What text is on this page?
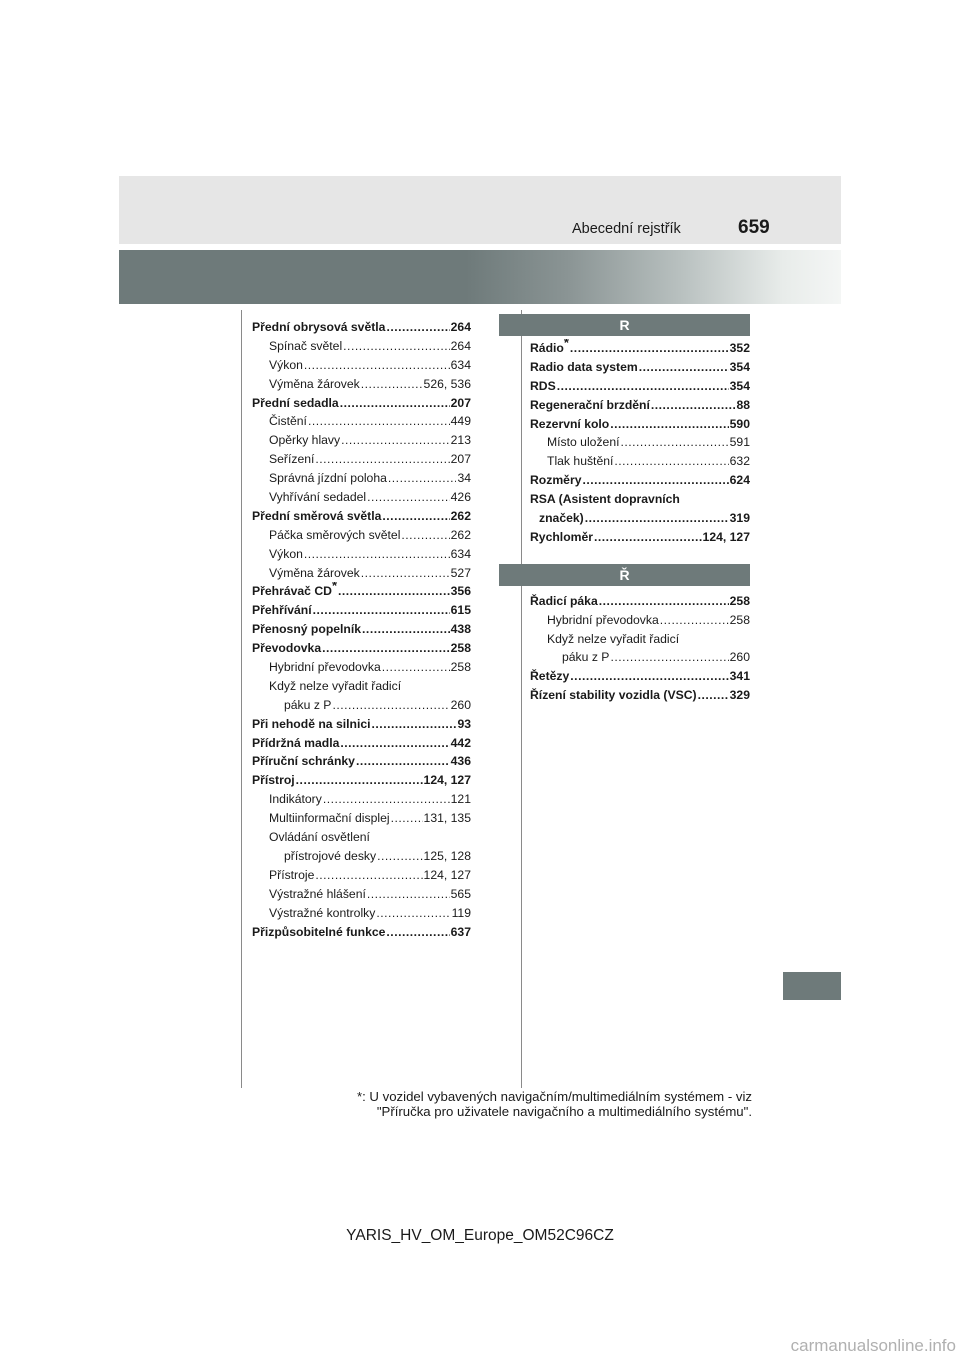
Abecední rejstřík	659
Přední obrysová světla .....	264
Spínač světel .....	264
Výkon .....	634
Výměna žárovek .....	526, 536
Přední sedadla .....	207
Čistění .....	449
Opěrky hlavy .....	213
Seřízení .....	207
Správná jízdní poloha .....	34
Vyhřívání sedadel .....	426
Přední směrová světla .....	262
Páčka směrových světel .....	262
Výkon .....	634
Výměna žárovek .....	527
Přehrávač CD* .....	356
Přehřívání .....	615
Přenosný popelník .....	438
Převodovka .....	258
Hybridní převodovka .....	258
Když nelze vyřadit řadicí
páku z P .....	260
Při nehodě na silnici .....	93
Přídržná madla .....	442
Příruční schránky .....	436
Přístroj .....	124, 127
Indikátory .....	121
Multiinformační displej .....	131, 135
Ovládání osvětlení
přístrojové desky .....	125, 128
Přístroje .....	124, 127
Výstražné hlášení .....	565
Výstražné kontrolky .....	119
Přizpůsobitelné funkce .....	637
R
Rádio* .....	352
Radio data system .....	354
RDS .....	354
Regenerační brzdění .....	88
Rezervní kolo .....	590
Místo uložení .....	591
Tlak huštění .....	632
Rozměry .....	624
RSA (Asistent dopravních
značek) .....	319
Rychloměr .....	124, 127
Ř
Řadicí páka .....	258
Hybridní převodovka .....	258
Když nelze vyřadit řadicí
páku z P .....	260
Řetězy .....	341
Řízení stability vozidla (VSC) .....	329
*: U vozidel vybavených navigačním/multimediálním systémem - viz
"Příručka pro uživatele navigačního a multimediálního systému".
YARIS_HV_OM_Europe_OM52C96CZ
carmanualsonline.info
